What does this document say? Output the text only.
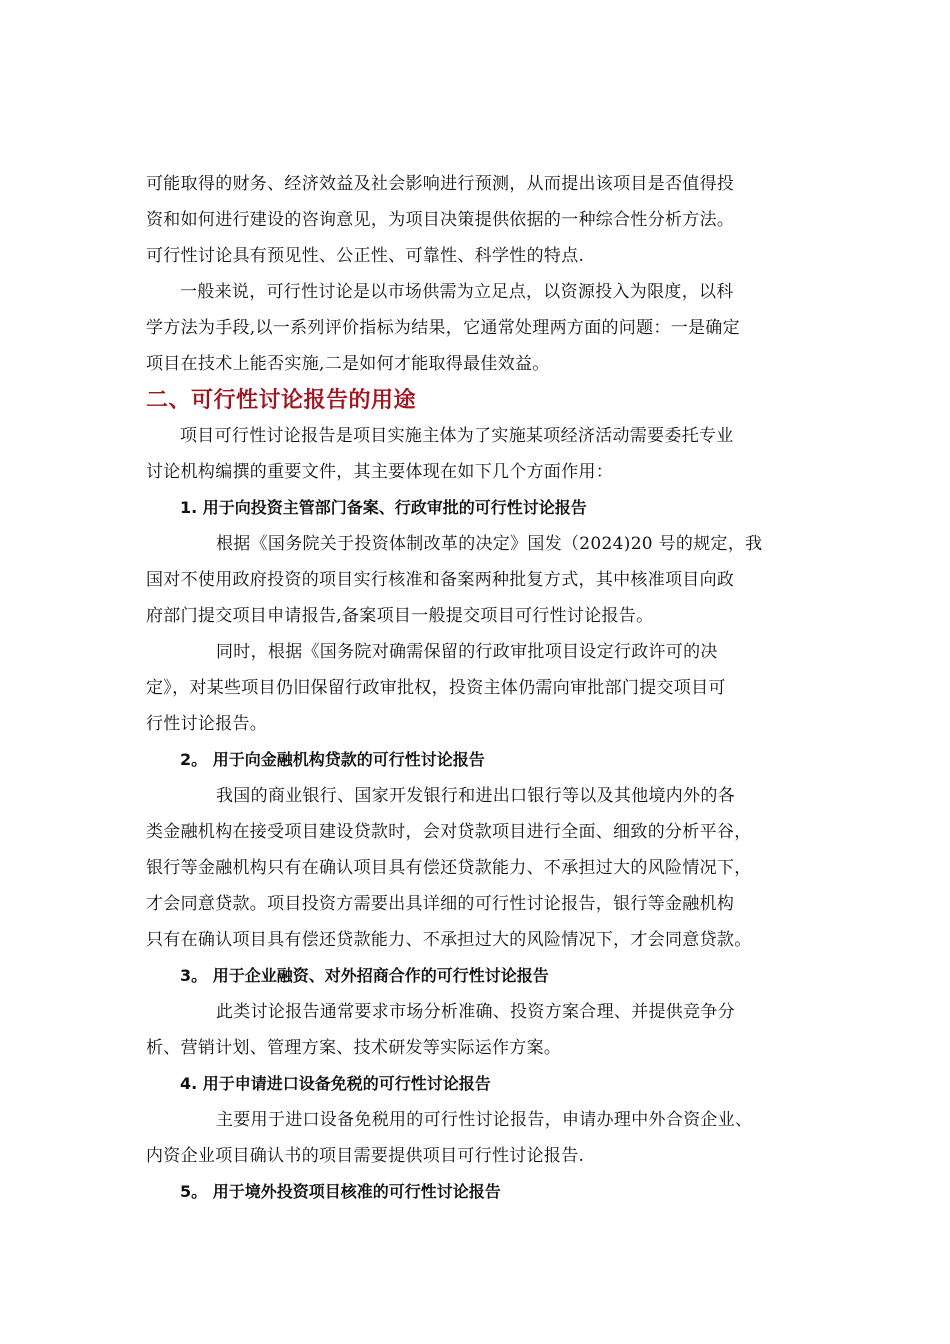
可能取得的财务、经济效益及社会影响进行预测，从而提出该项目是否值得投
资和如何进行建设的咨询意见，为项目决策提供依据的一种综合性分析方法。
可行性讨论具有预见性、公正性、可靠性、科学性的特点.
一般来说，可行性讨论是以市场供需为立足点，以资源投入为限度，以科
学方法为手段,以一系列评价指标为结果，它通常处理两方面的问题：一是确定
项目在技术上能否实施,二是如何才能取得最佳效益。
二、可行性讨论报告的用途
项目可行性讨论报告是项目实施主体为了实施某项经济活动需要委托专业
讨论机构编撰的重要文件，其主要体现在如下几个方面作用：
1. 用于向投资主管部门备案、行政审批的可行性讨论报告
根据《国务院关于投资体制改革的决定》国发（2024)20 号的规定，我
国对不使用政府投资的项目实行核准和备案两种批复方式，其中核准项目向政
府部门提交项目申请报告,备案项目一般提交项目可行性讨论报告。
同时，根据《国务院对确需保留的行政审批项目设定行政许可的决
定》，对某些项目仍旧保留行政审批权，投资主体仍需向审批部门提交项目可
行性讨论报告。
2。 用于向金融机构贷款的可行性讨论报告
我国的商业银行、国家开发银行和进出口银行等以及其他境内外的各
类金融机构在接受项目建设贷款时，会对贷款项目进行全面、细致的分析平谷，
银行等金融机构只有在确认项目具有偿还贷款能力、不承担过大的风险情况下，
才会同意贷款。项目投资方需要出具详细的可行性讨论报告，银行等金融机构
只有在确认项目具有偿还贷款能力、不承担过大的风险情况下，才会同意贷款。
3。 用于企业融资、对外招商合作的可行性讨论报告
此类讨论报告通常要求市场分析准确、投资方案合理、并提供竞争分
析、营销计划、管理方案、技术研发等实际运作方案。
4. 用于申请进口设备免税的可行性讨论报告
主要用于进口设备免税用的可行性讨论报告，申请办理中外合资企业、
内资企业项目确认书的项目需要提供项目可行性讨论报告.
5。 用于境外投资项目核准的可行性讨论报告
